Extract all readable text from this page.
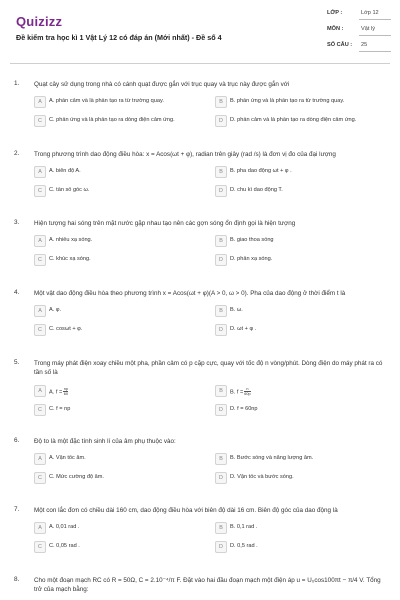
Quizizz
Đề kiểm tra học kì 1 Vật Lý 12 có đáp án (Mới nhất) - Đề số 4
LỚP :	Lớp 12
MÔN :	Vật lý
SỐ CÂU : 25
1. Quạt cây sử dụng trong nhà có cánh quạt được gắn với trục quay và trục này được gắn với
A	A. phần cảm và là phần tạo ra từ trường quay.	B	B. phần ứng và là phần tạo ra từ trường quay.
C	C. phần ứng và là phần tạo ra dòng điện cảm ứng.	D	D. phần cảm và là phần tạo ra dòng điện cảm ứng.
2. Trong phương trình dao động điều hòa: x = Acos(ωt + φ), radian trên giây (rad /s) là đơn vị đo của đại lượng
A	A. biên độ A.	B	B. pha dao động ωt + φ .
C	C. tần số góc ω.	D	D. chu kì dao động T.
3. Hiện tượng hai sóng trên mặt nước gặp nhau tạo nên các gợn sóng ổn định gọi là hiện tượng
A	A. nhiễu xạ sóng.	B	B. giao thoa sóng
C	C. khúc xạ sóng.	D	D. phản xạ sóng.
4. Một vật dao động điều hòa theo phương trình x = Acos(ωt + φ)(A > 0, ω > 0). Pha của dao động ở thời điểm t là
A	A. φ.	B	B. ω.
C	C. cosωt + φ.	D	D. ωt + φ .
5. Trong máy phát điện xoay chiều một pha, phần cảm có p cặp cực, quay với tốc độ n vòng/phút. Dòng điện do máy phát ra có tần số là
A	A. $f = \frac{np}{60}$	B	B. $f = \frac{n}{60p}$
C	C. f = np	D	D. f = 60np
6. Độ to là một đặc tính sinh lí của âm phụ thuộc vào:
A	A. Vận tốc âm.	B	B. Bước sóng và năng lượng âm.
C	C. Mức cường độ âm.	D	D. Vận tốc và bước sóng.
7. Một con lắc đơn có chiều dài 160 cm, dao động điều hòa với biên độ dài 16 cm. Biên độ góc của dao động là
A	A. 0,01 rad .	B	B. 0,1 rad .
C	C. 0,05 rad .	D	D. 0,5 rad .
8. Cho một đoạn mạch RC có R = 50Ω, C = 2.10⁻⁴/π F. Đặt vào hai đầu đoạn mạch một điện áp u = U₀cos100πt − π/4 V. Tổng trở của mạch bằng:
